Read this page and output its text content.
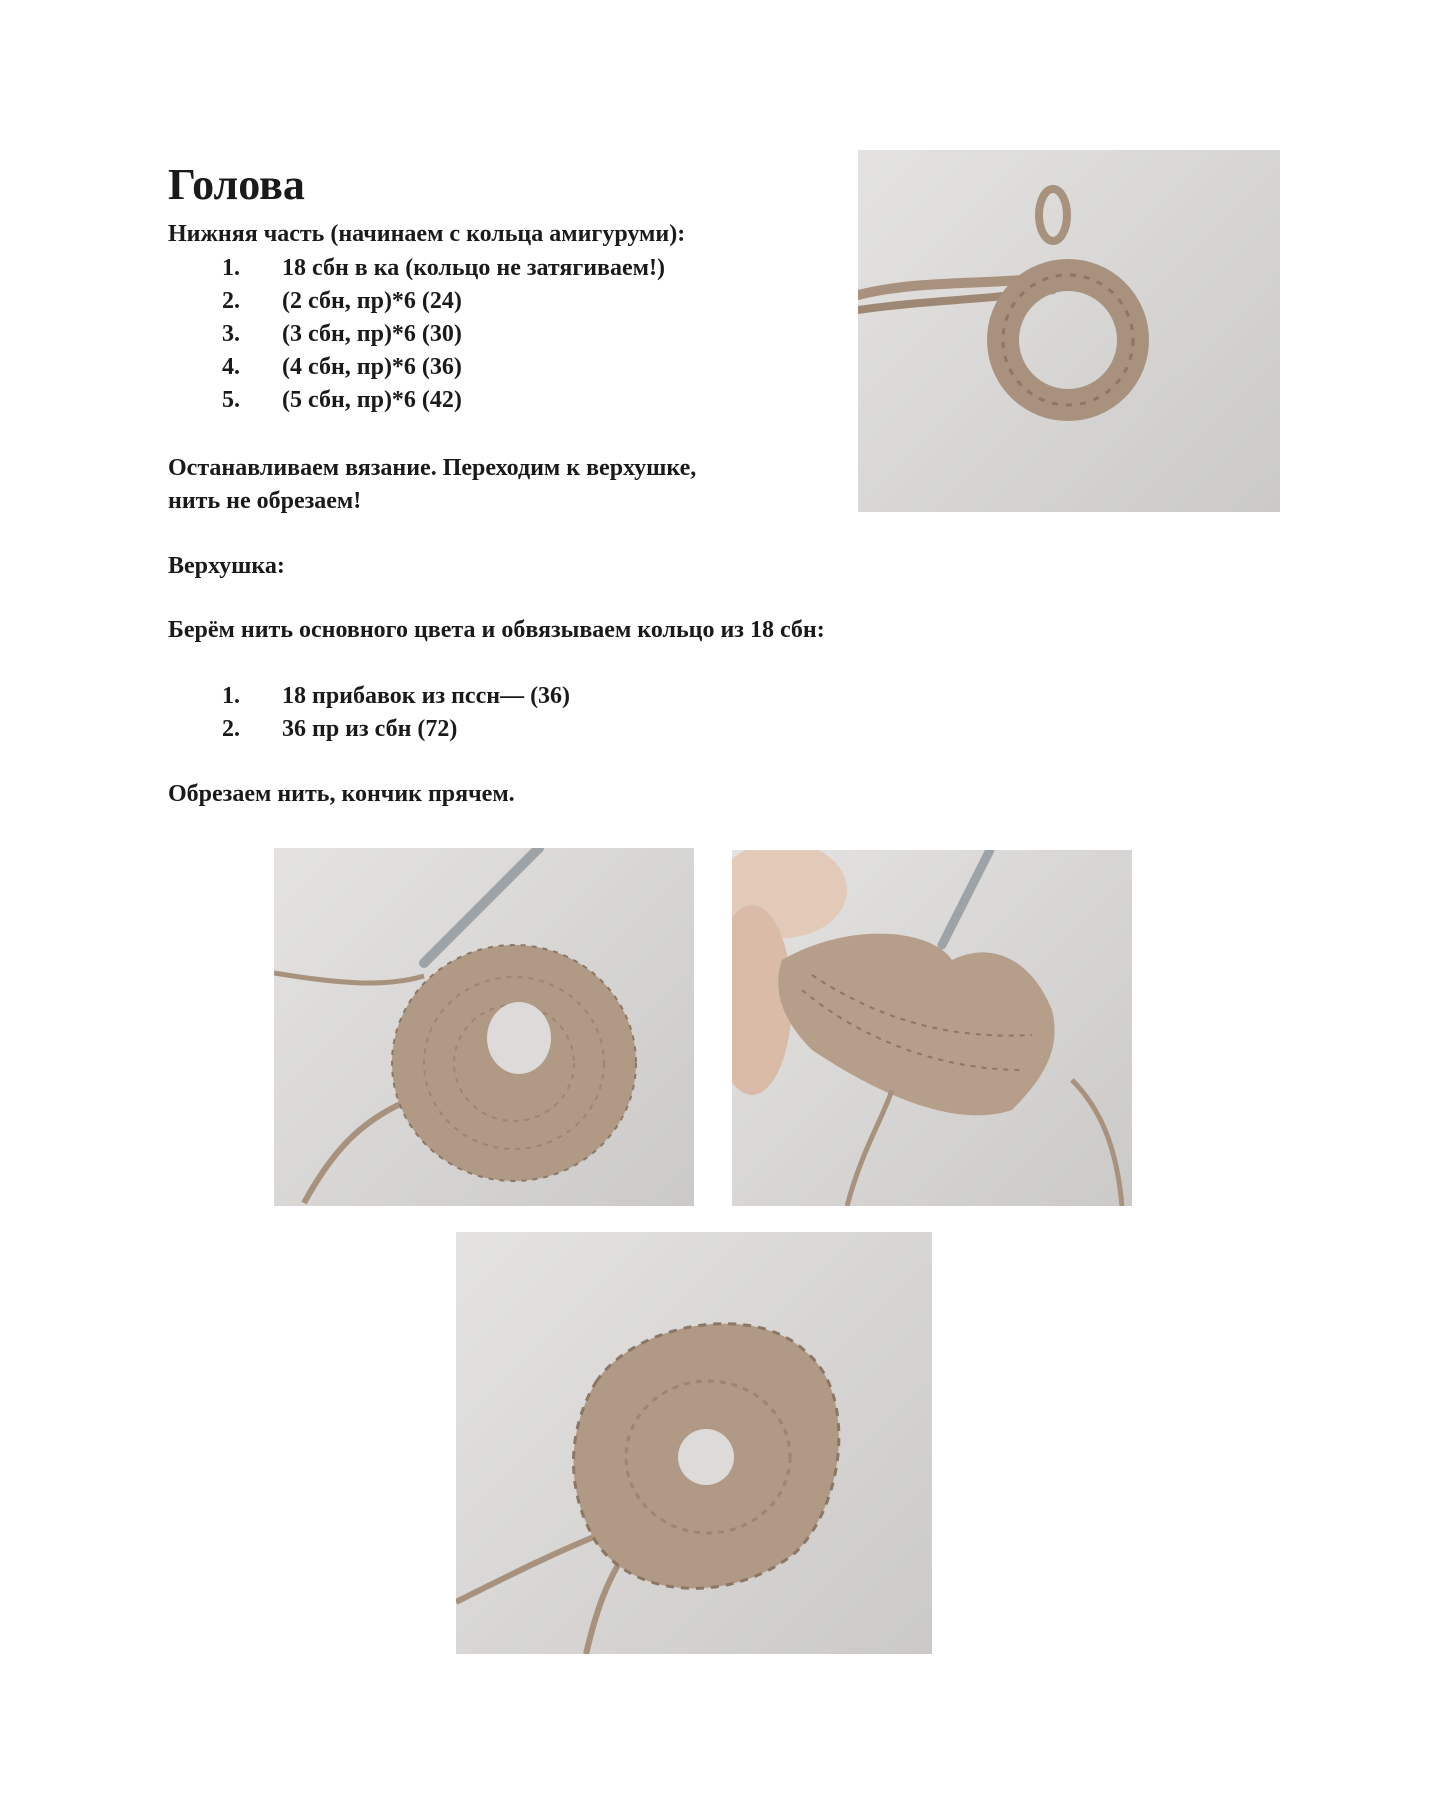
Голова
Нижняя часть (начинаем с кольца амигуруми):
1.	18 сбн в ка (кольцо не затягиваем!)
2.	(2 сбн, пр)*6 (24)
3.	(3 сбн, пр)*6 (30)
4.	(4 сбн, пр)*6 (36)
5.	(5 сбн, пр)*6 (42)
Останавливаем вязание. Переходим к верхушке,
нить не обрезаем!
Верхушка:
Берём нить основного цвета и обвязываем кольцо из 18 сбн:
1.	18 прибавок из пссн— (36)
2.	36 пр из сбн (72)
Обрезаем нить, кончик прячем.
